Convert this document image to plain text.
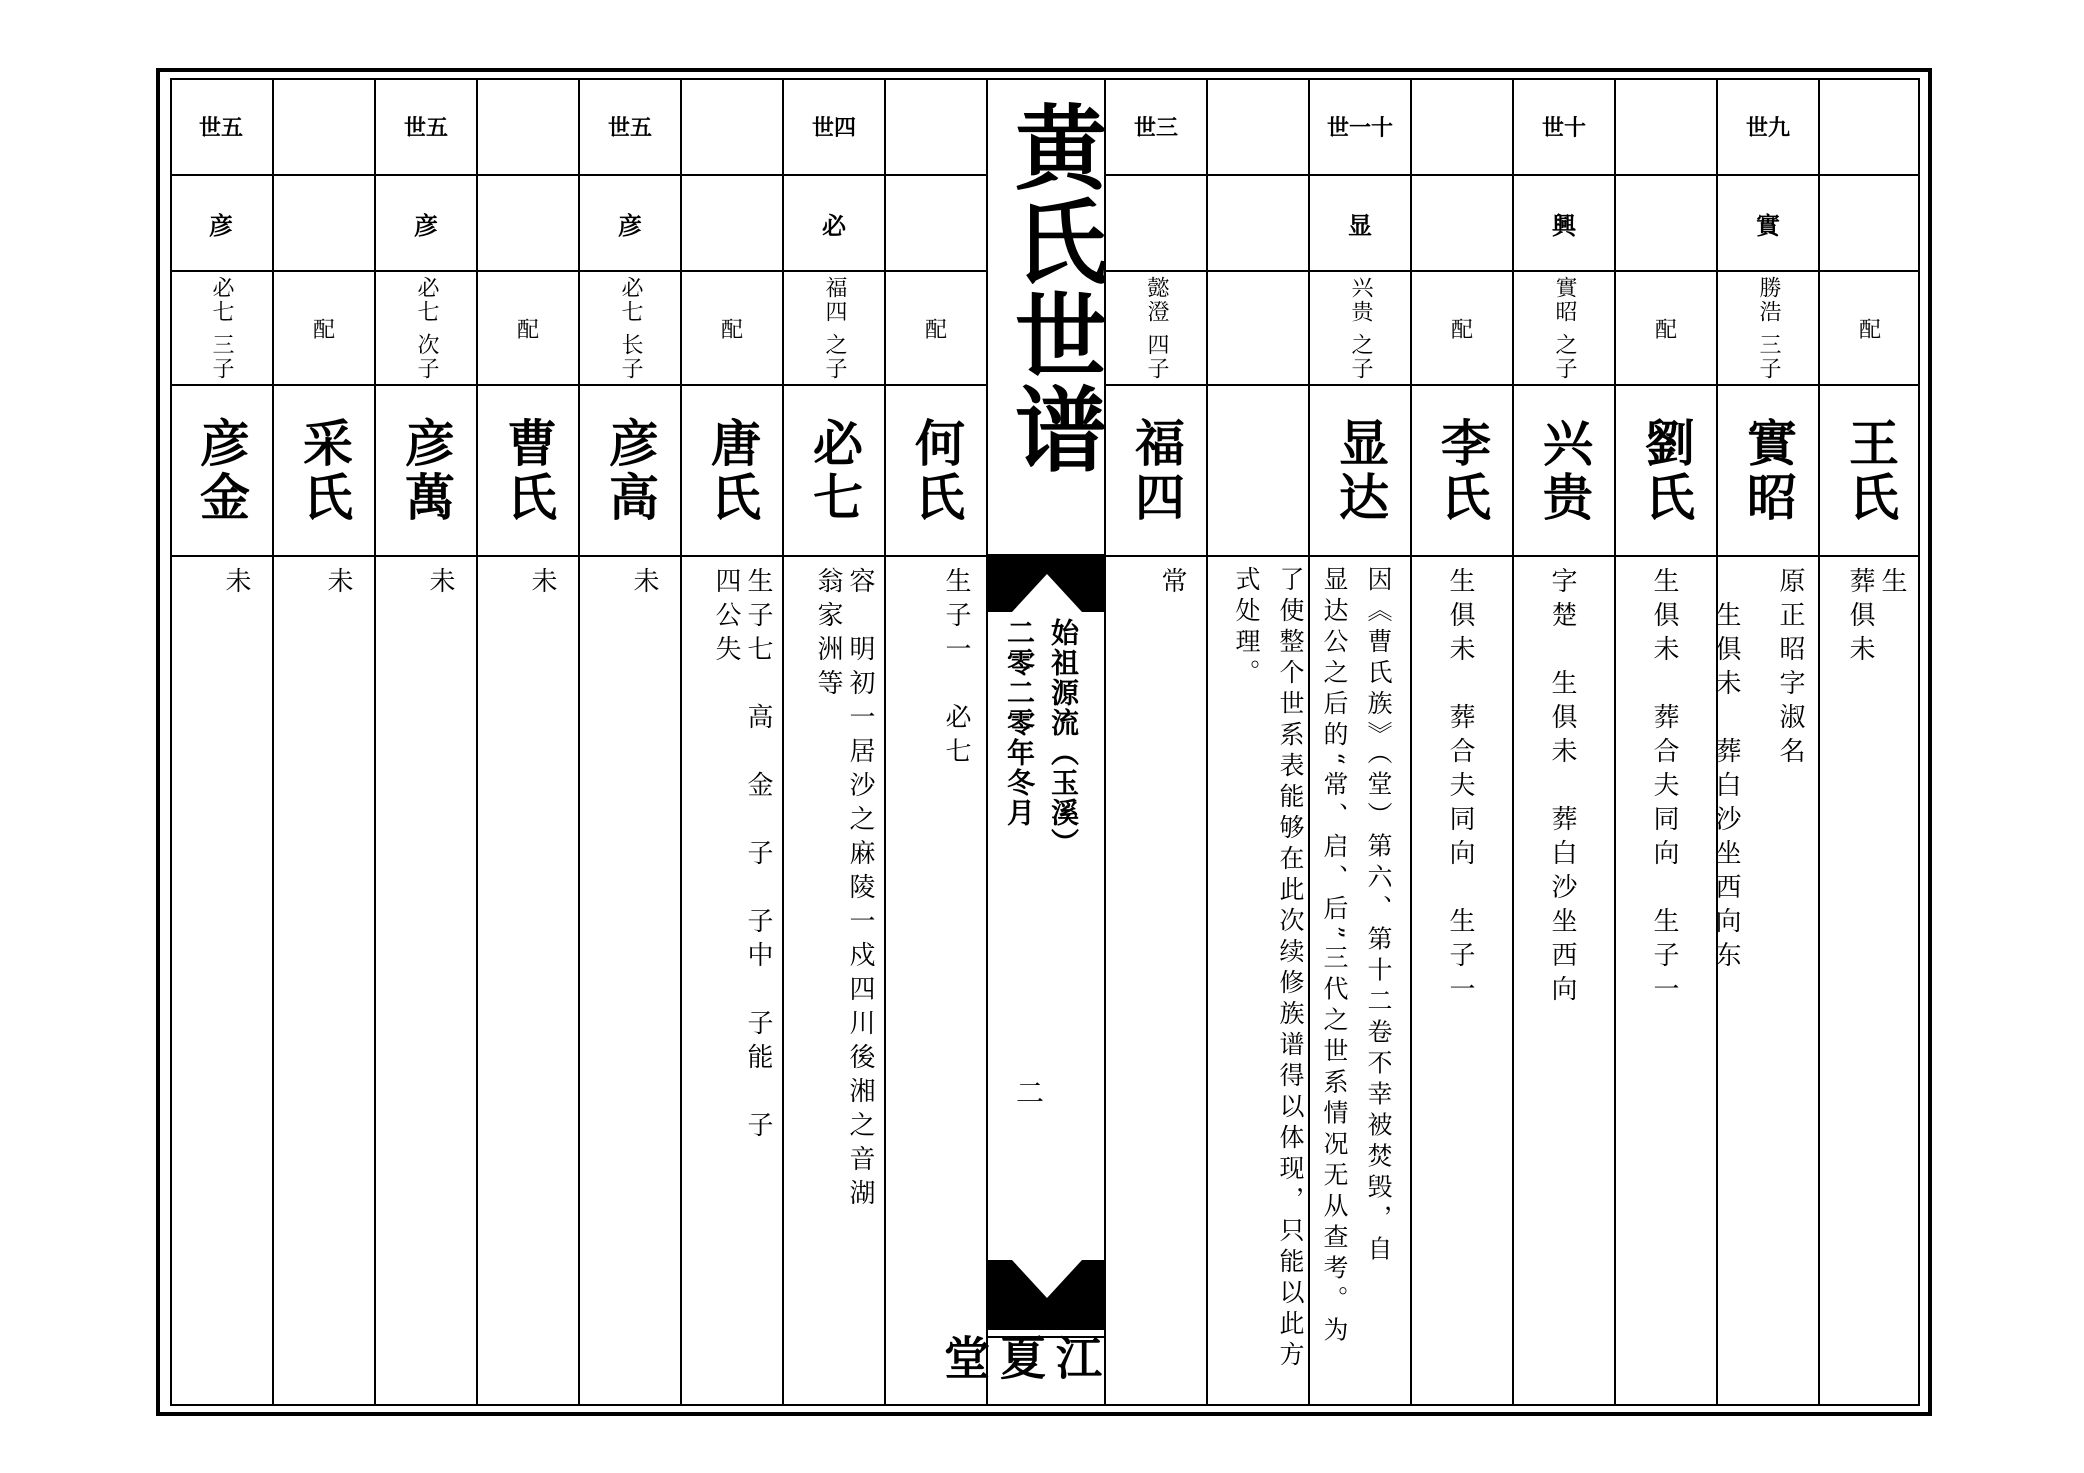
世五
彦
必七 三子
彦金
未
配
采氏
未
世五
彦
必七 次子
彦萬
未
配
曹氏
未
世五
彦
必七 长子
彦高
未
配
唐氏
生子七　高　金　子　子中　子能　子
四公失
世四
必
福四 之子
必七
容　明初一居沙之麻陵一戍四川後湘之音湖
翁家洲等
配
何氏
生子一　必七
黄氏世谱
始祖源流（玉溪）
二零二零年冬月
二
江夏堂
世三
懿澄 四子
福四
常
世一十
显
兴贵 之子
显达
因《曹氏族》（堂）第六、第十二卷不幸被焚毁，自
显达公之后的“常、启、后”三代之世系情况无从查考。为
了使整个世系表能够在此次续修族谱得以体现，只能以此方
式处理。
配
李氏
生俱未　葬合夫同向　生子一
世十
興
實昭 之子
兴贵
字楚　生俱未　葬白沙坐西向
配
劉氏
生俱未　葬合夫同向　生子一
世九
實
勝浩 三子
實昭
原正昭字淑名

　生俱未　葬白沙坐西向东
配
王氏
生
葬俱未
